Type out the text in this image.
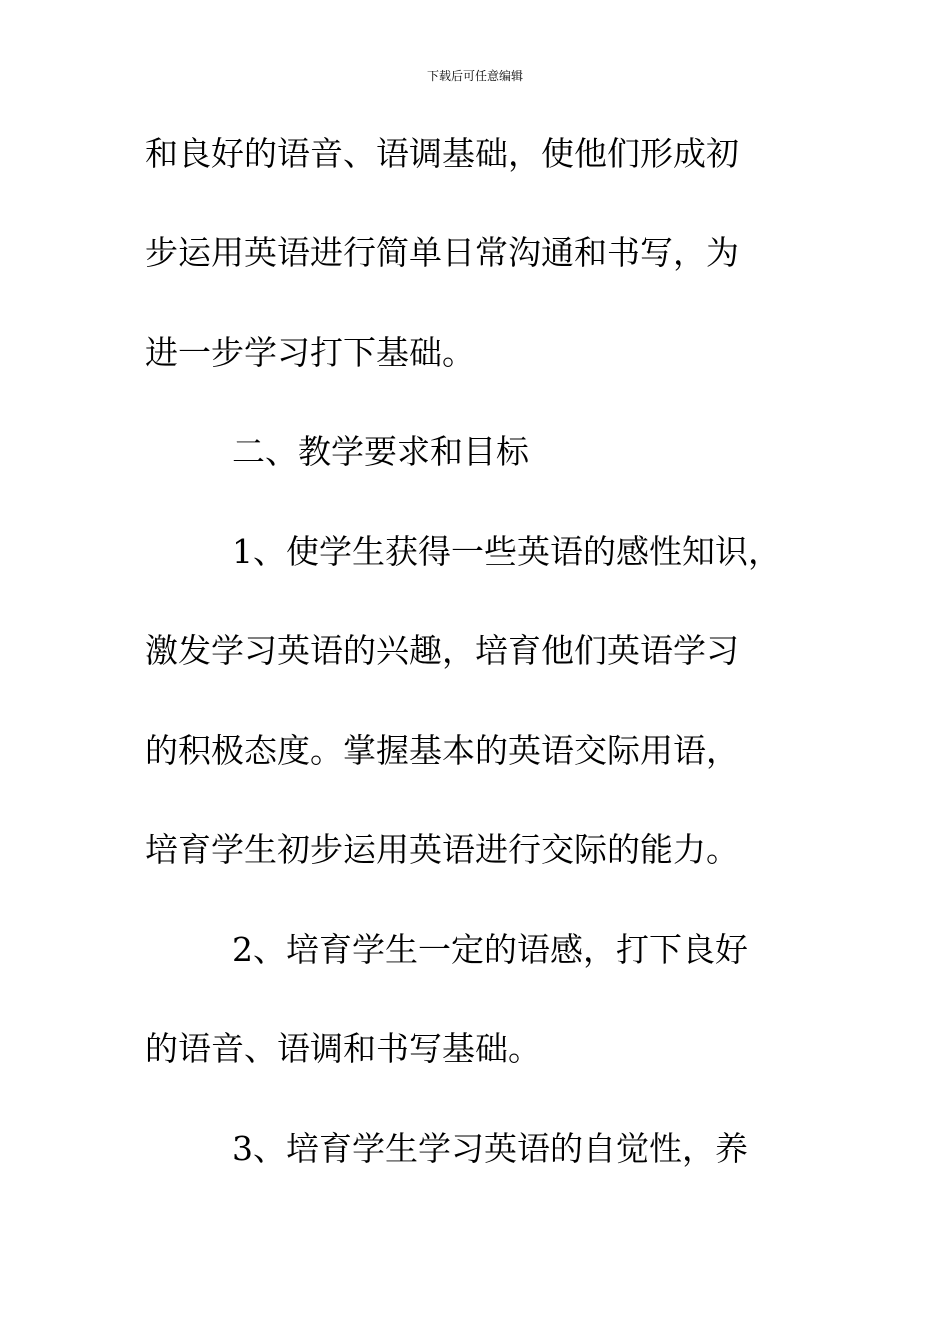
下载后可任意编辑
和良好的语音、语调基础，使他们形成初
步运用英语进行简单日常沟通和书写，为
进一步学习打下基础。
二、教学要求和目标
1、使学生获得一些英语的感性知识，
激发学习英语的兴趣，培育他们英语学习
的积极态度。掌握基本的英语交际用语，
培育学生初步运用英语进行交际的能力。
2、培育学生一定的语感，打下良好
的语音、语调和书写基础。
3、培育学生学习英语的自觉性，养
